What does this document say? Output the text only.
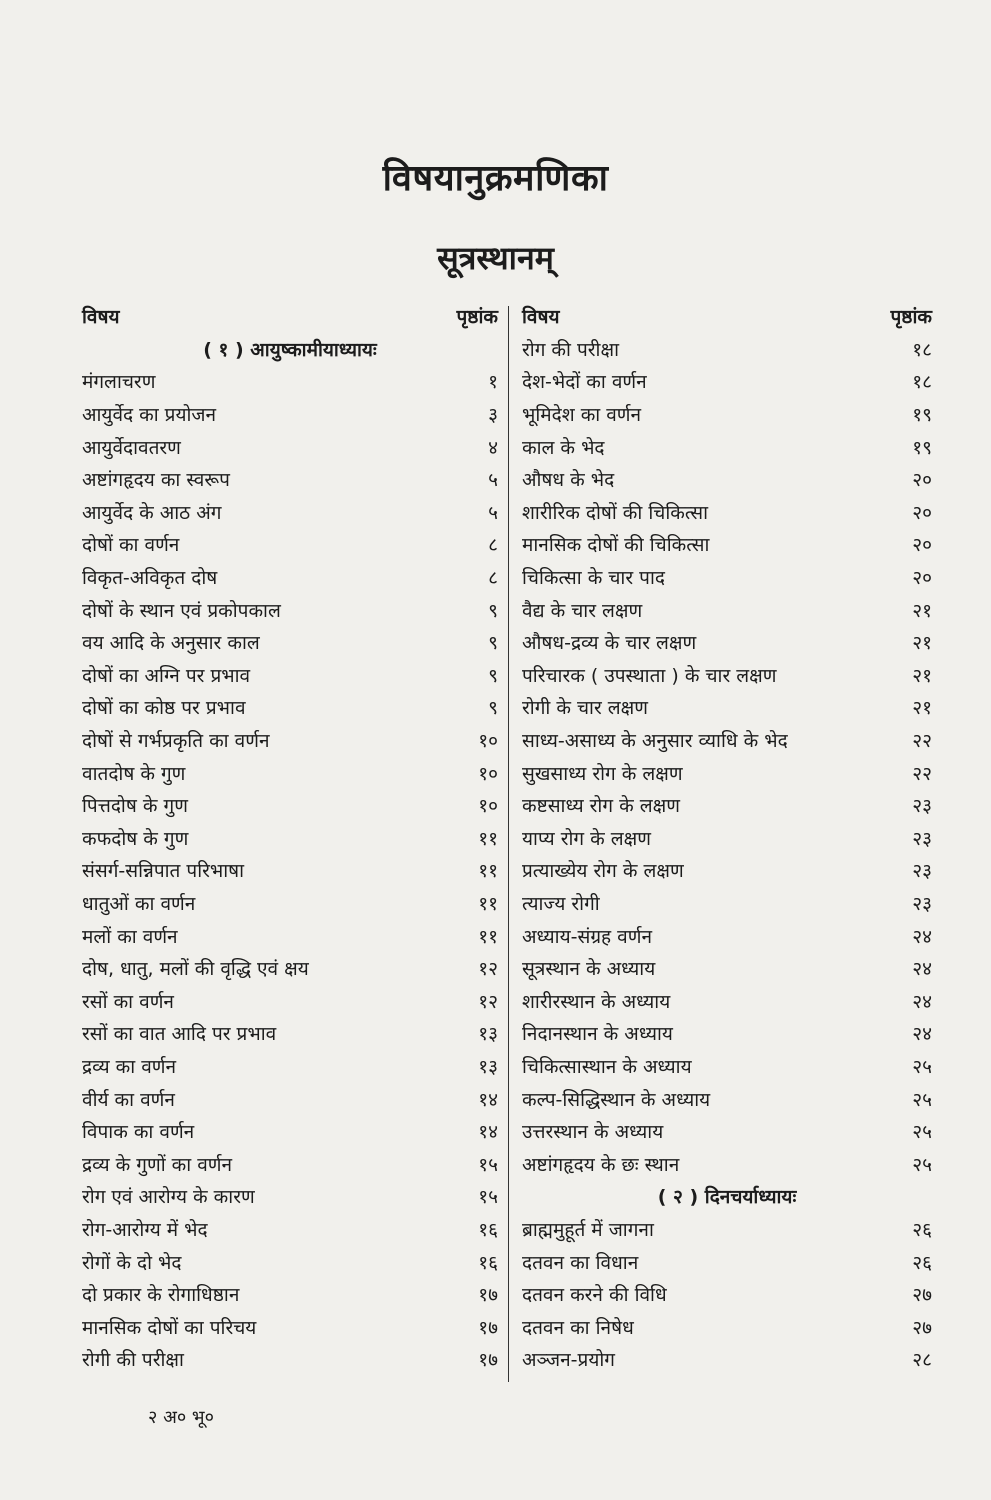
विषयानुक्रमणिका
सूत्रस्थानम्
विषय	पृष्ठांक
( १ ) आयुष्कामीयाध्यायः
मंगलाचरण	१
आयुर्वेद का प्रयोजन	३
आयुर्वेदावतरण	४
अष्टांगहृदय का स्वरूप	५
आयुर्वेद के आठ अंग	५
दोषों का वर्णन	८
विकृत-अविकृत दोष	८
दोषों के स्थान एवं प्रकोपकाल	९
वय आदि के अनुसार काल	९
दोषों का अग्नि पर प्रभाव	९
दोषों का कोष्ठ पर प्रभाव	९
दोषों से गर्भप्रकृति का वर्णन	१०
वातदोष के गुण	१०
पित्तदोष के गुण	१०
कफदोष के गुण	११
संसर्ग-सन्निपात परिभाषा	११
धातुओं का वर्णन	११
मलों का वर्णन	११
दोष, धातु, मलों की वृद्धि एवं क्षय	१२
रसों का वर्णन	१२
रसों का वात आदि पर प्रभाव	१३
द्रव्य का वर्णन	१३
वीर्य का वर्णन	१४
विपाक का वर्णन	१४
द्रव्य के गुणों का वर्णन	१५
रोग एवं आरोग्य के कारण	१५
रोग-आरोग्य में भेद	१६
रोगों के दो भेद	१६
दो प्रकार के रोगाधिष्ठान	१७
मानसिक दोषों का परिचय	१७
रोगी की परीक्षा	१७
विषय	पृष्ठांक
रोग की परीक्षा	१८
देश-भेदों का वर्णन	१८
भूमिदेश का वर्णन	१९
काल के भेद	१९
औषध के भेद	२०
शारीरिक दोषों की चिकित्सा	२०
मानसिक दोषों की चिकित्सा	२०
चिकित्सा के चार पाद	२०
वैद्य के चार लक्षण	२१
औषध-द्रव्य के चार लक्षण	२१
परिचारक ( उपस्थाता ) के चार लक्षण	२१
रोगी के चार लक्षण	२१
साध्य-असाध्य के अनुसार व्याधि के भेद	२२
सुखसाध्य रोग के लक्षण	२२
कष्टसाध्य रोग के लक्षण	२३
याप्य रोग के लक्षण	२३
प्रत्याख्येय रोग के लक्षण	२३
त्याज्य रोगी	२३
अध्याय-संग्रह वर्णन	२४
सूत्रस्थान के अध्याय	२४
शारीरस्थान के अध्याय	२४
निदानस्थान के अध्याय	२४
चिकित्सास्थान के अध्याय	२५
कल्प-सिद्धिस्थान के अध्याय	२५
उत्तरस्थान के अध्याय	२५
अष्टांगहृदय के छः स्थान	२५
( २ ) दिनचर्याध्यायः
ब्राह्ममुहूर्त में जागना	२६
दतवन का विधान	२६
दतवन करने की विधि	२७
दतवन का निषेध	२७
अञ्जन-प्रयोग	२८
२ अ० भू०
